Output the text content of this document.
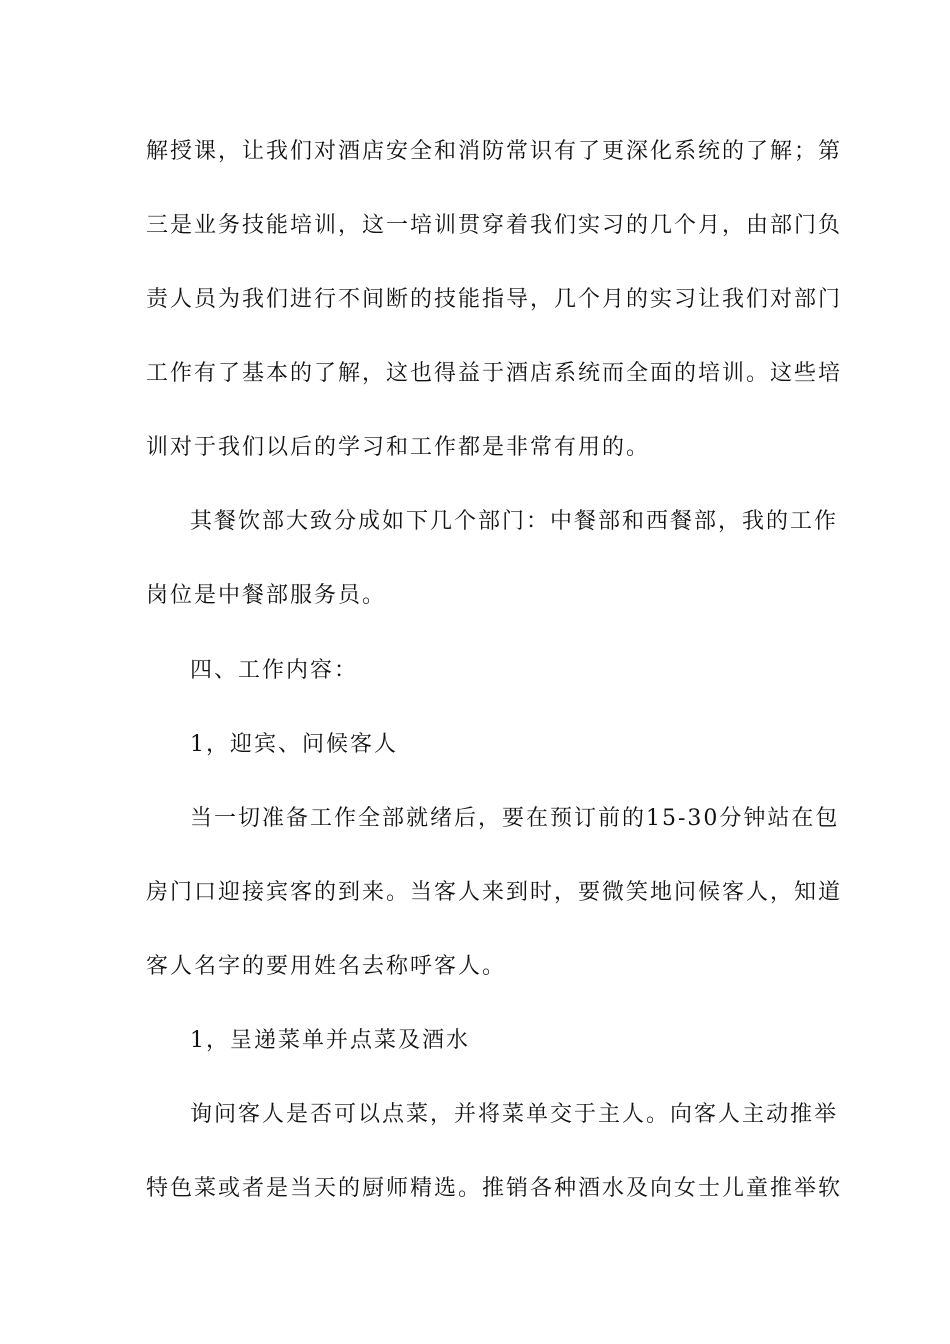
解授课，让我们对酒店安全和消防常识有了更深化系统的了解；第
三是业务技能培训，这一培训贯穿着我们实习的几个月，由部门负
责人员为我们进行不间断的技能指导，几个月的实习让我们对部门
工作有了基本的了解，这也得益于酒店系统而全面的培训。这些培
训对于我们以后的学习和工作都是非常有用的。
其餐饮部大致分成如下几个部门：中餐部和西餐部，我的工作
岗位是中餐部服务员。
四、工作内容：
1，迎宾、问候客人
当一切准备工作全部就绪后，要在预订前的15-30分钟站在包
房门口迎接宾客的到来。当客人来到时，要微笑地问候客人，知道
客人名字的要用姓名去称呼客人。
1，呈递菜单并点菜及酒水
询问客人是否可以点菜，并将菜单交于主人。向客人主动推举
特色菜或者是当天的厨师精选。推销各种酒水及向女士儿童推举软
